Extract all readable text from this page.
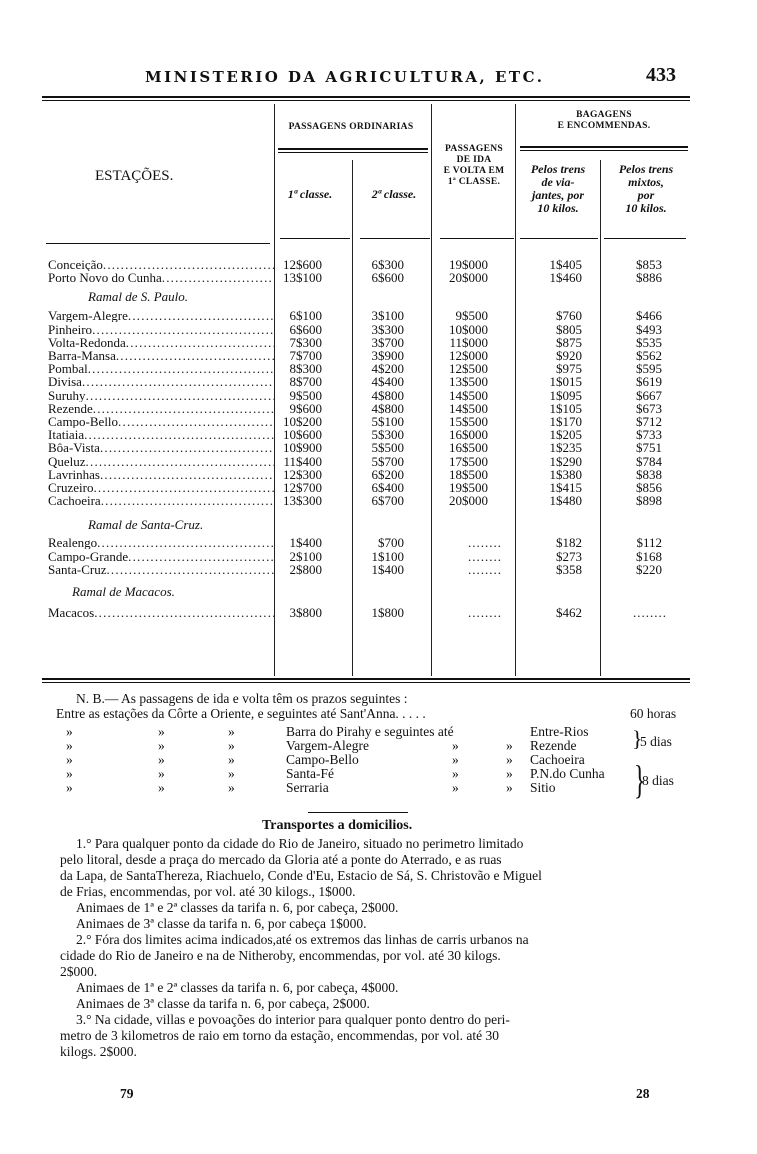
MINISTERIO DA AGRICULTURA, ETC.	433
ESTAÇÕES.
PASSAGENS ORDINARIAS
1ª classe.	2ª classe.
PASSAGENS
DE IDA
E VOLTA EM
1ª CLASSE.
BAGAGENS
E ENCOMMENDAS.
Pelos trens
de via-
jantes, por
10 kilos.
Pelos trens
mixtos,
por
10 kilos.
Conceição .....	12$600	6$300	19$000	1$405	$853
Porto Novo do Cunha .....	13$100	6$600	20$000	1$460	$886
Ramal de S. Paulo.
Vargem-Alegre .....	6$100	3$100	9$500	$760	$466
Pinheiro .....	6$600	3$300	10$000	$805	$493
Volta-Redonda .....	7$300	3$700	11$000	$875	$535
Barra-Mansa .....	7$700	3$900	12$000	$920	$562
Pombal .....	8$300	4$200	12$500	$975	$595
Divisa .....	8$700	4$400	13$500	1$015	$619
Suruhy .....	9$500	4$800	14$500	1$095	$667
Rezende .....	9$600	4$800	14$500	1$105	$673
Campo-Bello .....	10$200	5$100	15$500	1$170	$712
Itatiaia .....	10$600	5$300	16$000	1$205	$733
Bôa-Vista .....	10$900	5$500	16$500	1$235	$751
Queluz .....	11$400	5$700	17$500	1$290	$784
Lavrinhas .....	12$300	6$200	18$500	1$380	$838
Cruzeiro .....	12$700	6$400	19$500	1$415	$856
Cachoeira .....	13$300	6$700	20$000	1$480	$898
Ramal de Santa-Cruz.
Realengo .....	1$400	$700	........	$182	$112
Campo-Grande .....	2$100	1$100	........	$273	$168
Santa-Cruz .....	2$800	1$400	........	$358	$220
Ramal de Macacos.
Macacos .....	3$800	1$800	........	$462	........
N. B.— As passagens de ida e volta têm os prazos seguintes :
Entre as estações da Côrte a Oriente, e seguintes até Sant'Anna. . . . .	60 horas
»	»	»	Barra do Pirahy e seguintes até	Entre-Rios
»	»	»	Vargem-Alegre	»	» Rezende
»	»	»	Campo-Bello	»	» Cachoeira
»	»	»	Santa-Fé	»	» P.N.do Cunha
»	»	»	Serraria	»	» Sitio
}
5 dias
}
8 dias
Transportes a domicilios.
1.° Para qualquer ponto da cidade do Rio de Janeiro, situado no perimetro limitado
pelo litoral, desde a praça do mercado da Gloria até a ponte do Aterrado, e as ruas
da Lapa, de SantaThereza, Riachuelo, Conde d'Eu, Estacio de Sá, S. Christovão e Miguel
de Frias, encommendas, por vol. até 30 kilogs., 1$000.
Animaes de 1ª e 2ª classes da tarifa n. 6, por cabeça, 2$000.
Animaes de 3ª classe da tarifa n. 6, por cabeça 1$000.
2.° Fóra dos limites acima indicados,até os extremos das linhas de carris urbanos na
cidade do Rio de Janeiro e na de Nitheroby, encommendas, por vol. até 30 kilogs.
2$000.
Animaes de 1ª e 2ª classes da tarifa n. 6, por cabeça, 4$000.
Animaes de 3ª classe da tarifa n. 6, por cabeça, 2$000.
3.° Na cidade, villas e povoações do interior para qualquer ponto dentro do peri-
metro de 3 kilometros de raio em torno da estação, encommendas, por vol. até 30
kilogs. 2$000.
79	28
